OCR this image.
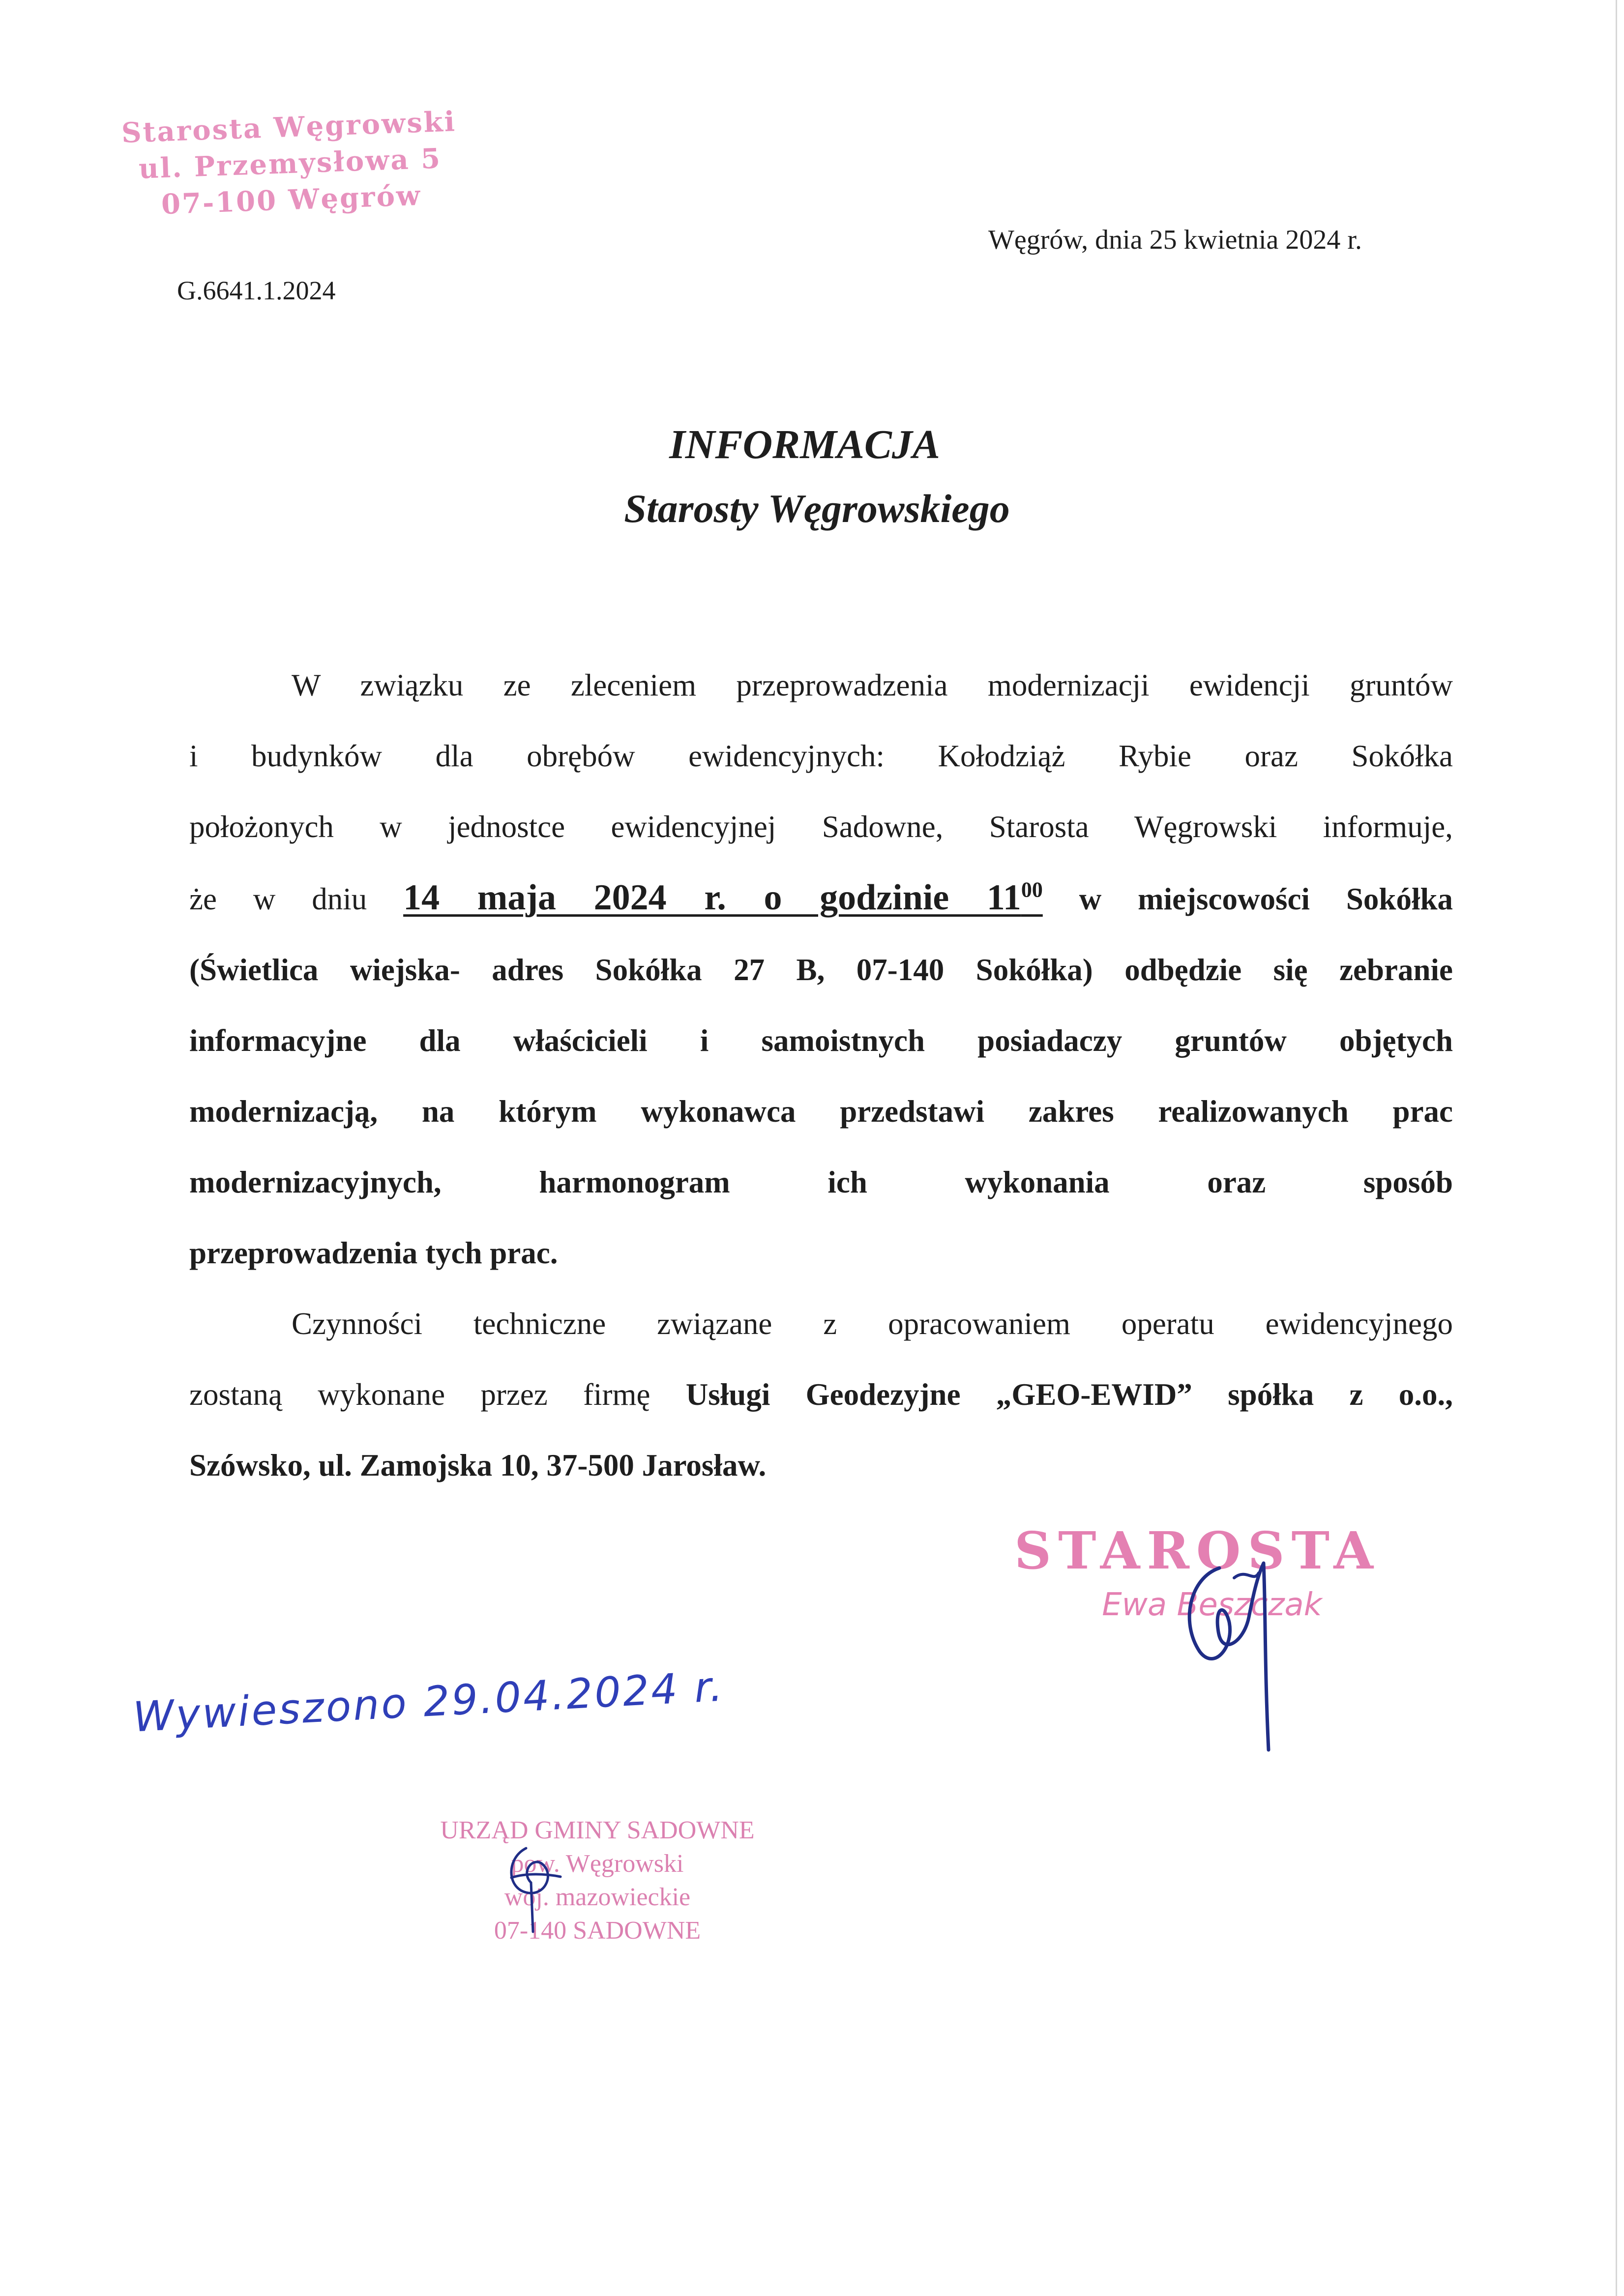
Starosta Węgrowski
ul. Przemysłowa 5
07-100 Węgrów
Węgrów, dnia 25 kwietnia 2024 r.
G.6641.1.2024
INFORMACJA
Starosty Węgrowskiego

W związku ze zleceniem przeprowadzenia modernizacji ewidencji gruntów

i budynków dla obrębów ewidencyjnych: Kołodziąż Rybie oraz Sokółka

położonych w jednostce ewidencyjnej Sadowne, Starosta Węgrowski informuje,

że w dniu 14 maja 2024 r. o godzinie $11^{00}$ w miejscowości Sokółka

(Świetlica wiejska- adres Sokółka 27 B, 07-140 Sokółka) odbędzie się zebranie

informacyjne dla właścicieli i samoistnych posiadaczy gruntów objętych

modernizacją, na którym wykonawca przedstawi zakres realizowanych prac

modernizacyjnych, harmonogram ich wykonania oraz sposób

przeprowadzenia tych prac.

Czynności techniczne związane z opracowaniem operatu ewidencyjnego

zostaną wykonane przez firmę Usługi Geodezyjne „GEO-EWID” spółka z o.o.,

Szówsko, ul. Zamojska 10, 37-500 Jarosław.

STAROSTA
Ewa Beszczak
Wywieszono 29.04.2024 r.
URZĄD GMINY SADOWNE
pow. Węgrowski
woj. mazowieckie
07-140 SADOWNE
